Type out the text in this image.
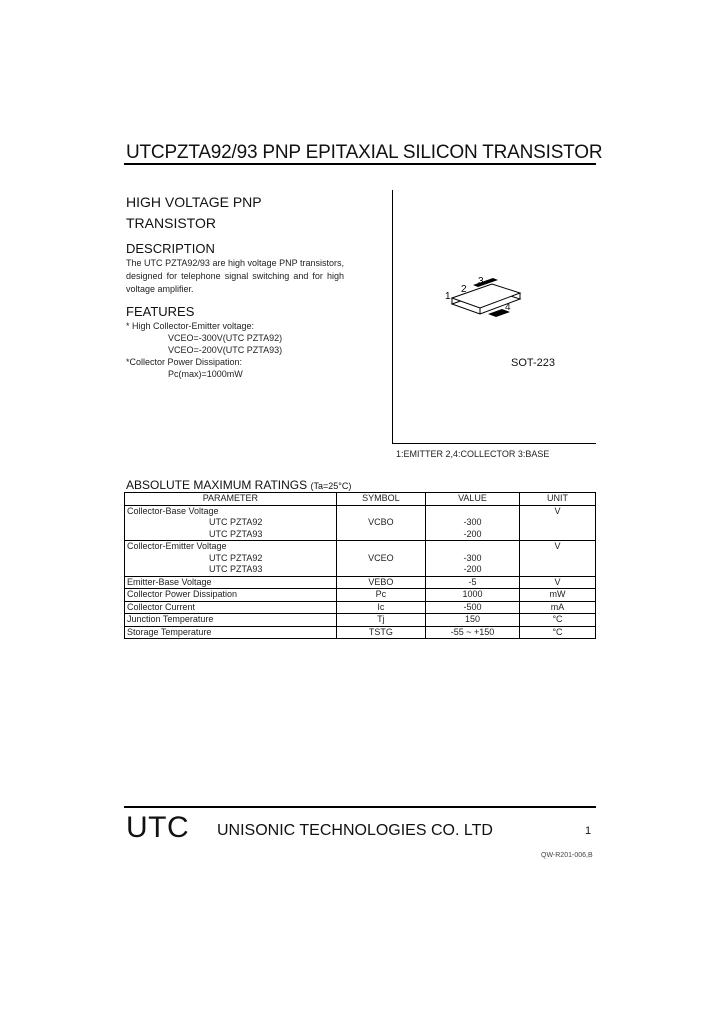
UTCPZTA92/93 PNP EPITAXIAL SILICON TRANSISTOR
HIGH VOLTAGE PNP
TRANSISTOR
DESCRIPTION
The UTC PZTA92/93 are high voltage PNP transistors, designed for telephone signal switching and for high voltage amplifier.
FEATURES
* High Collector-Emitter voltage:
VCEO=-300V(UTC PZTA92)
VCEO=-200V(UTC PZTA93)
*Collector Power Dissipation:
Pc(max)=1000mW
1
2
3
4
SOT-223
1:EMITTER 2,4:COLLECTOR 3:BASE
ABSOLUTE MAXIMUM RATINGS (Ta=25°C)
PARAMETER	SYMBOL	VALUE	UNIT
Collector-Base Voltage			V
UTC PZTA92	VCBO	-300	
UTC PZTA93		-200	
Collector-Emitter Voltage			V
UTC PZTA92	VCEO	-300	
UTC PZTA93		-200	
Emitter-Base Voltage	VEBO	-5	V
Collector Power Dissipation	Pc	1000	mW
Collector Current	Ic	-500	mA
Junction Temperature	Tj	150	°C
Storage Temperature	TSTG	-55 ~ +150	°C
UTC UNISONIC TECHNOLOGIES CO. LTD	1
QW-R201-006,B
